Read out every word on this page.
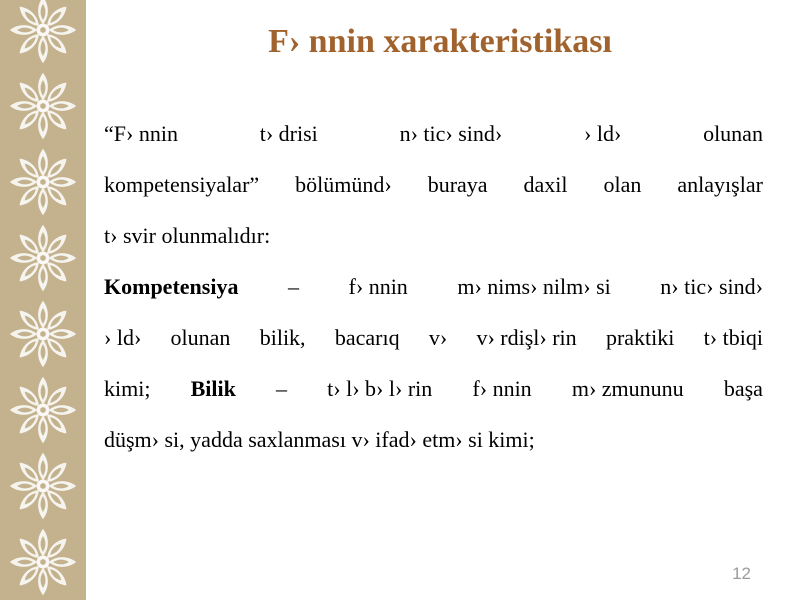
F› nnin xarakteristikası
“F› nnin	t› drisi	n› tic› sind›	› ld›	olunan
kompetensiyalar” bölümünd› buraya daxil olan anlayışlar
t› svir olunmalıdır:
Kompetensiya – f› nnin m› nims› nilm› si n› tic› sind›
› ld› olunan bilik, bacarıq v› v› rdişl› rin praktiki t› tbiqi
kimi; Bilik – t› l› b› l› rin f› nnin m› zmununu başa
düşm› si, yadda saxlanması v› ifad› etm› si kimi;
12
